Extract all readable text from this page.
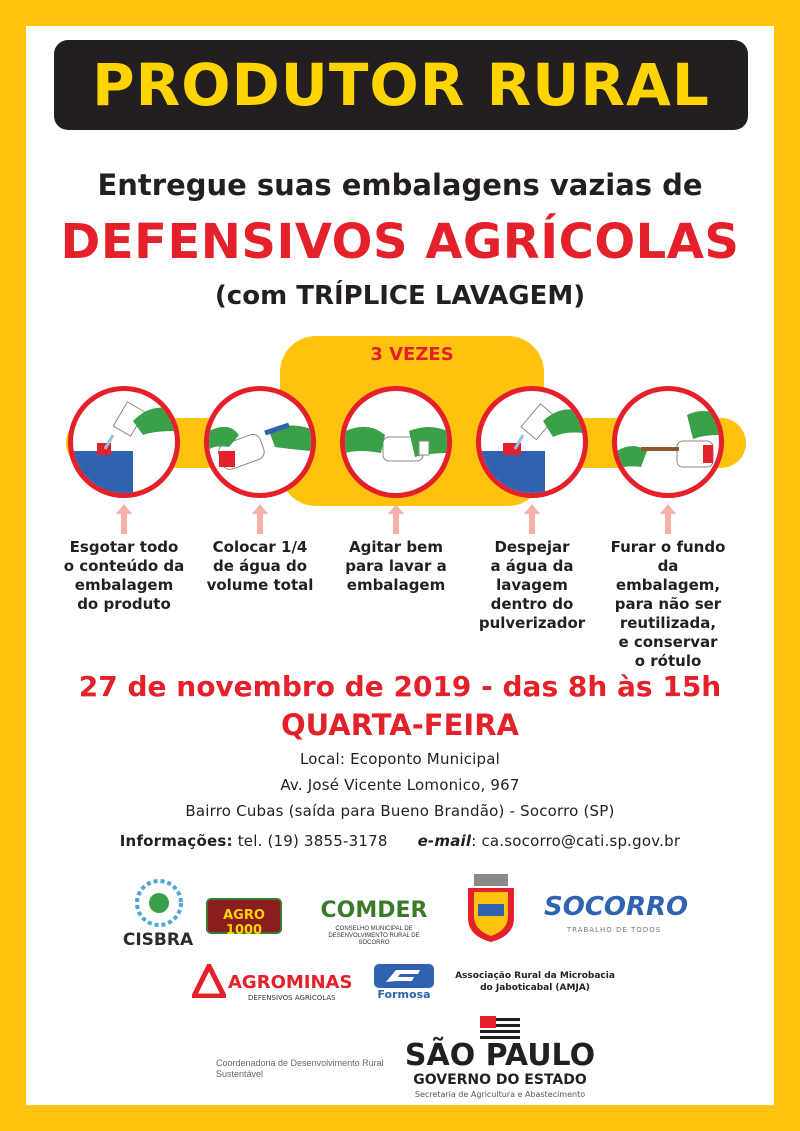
PRODUTOR RURAL
Entregue suas embalagens vazias de
DEFENSIVOS AGRÍCOLAS
(com TRÍPLICE LAVAGEM)
3 VEZES
Esgotar todo
o conteúdo da
embalagem
do produto
Colocar 1/4
de água do
volume total
Agitar bem
para lavar a
embalagem
Despejar
a água da
lavagem
dentro do
pulverizador
Furar o fundo
da embalagem,
para não ser
reutilizada,
e conservar
o rótulo
27 de novembro de 2019 - das 8h às 15h
QUARTA-FEIRA
Local: Ecoponto Municipal
Av. José Vicente Lomonico, 967
Bairro Cubas (saída para Bueno Brandão) - Socorro (SP)
Informações: tel. (19) 3855-3178 e-mail: ca.socorro@cati.sp.gov.br
CISBRA
AGRO 1000
COMDER
CONSELHO MUNICIPAL DE DESENVOLVIMENTO RURAL DE SOCORRO
SOCORRO
TRABALHO DE TODOS
AGROMINAS
DEFENSIVOS AGRÍCOLAS	Formosa
Associação Rural da Microbacia do Jaboticabal (AMJA)
Coordenadoria de Desenvolvimento Rural Sustentável
SÃO PAULO
GOVERNO DO ESTADO
Secretaria de Agricultura e Abastecimento
